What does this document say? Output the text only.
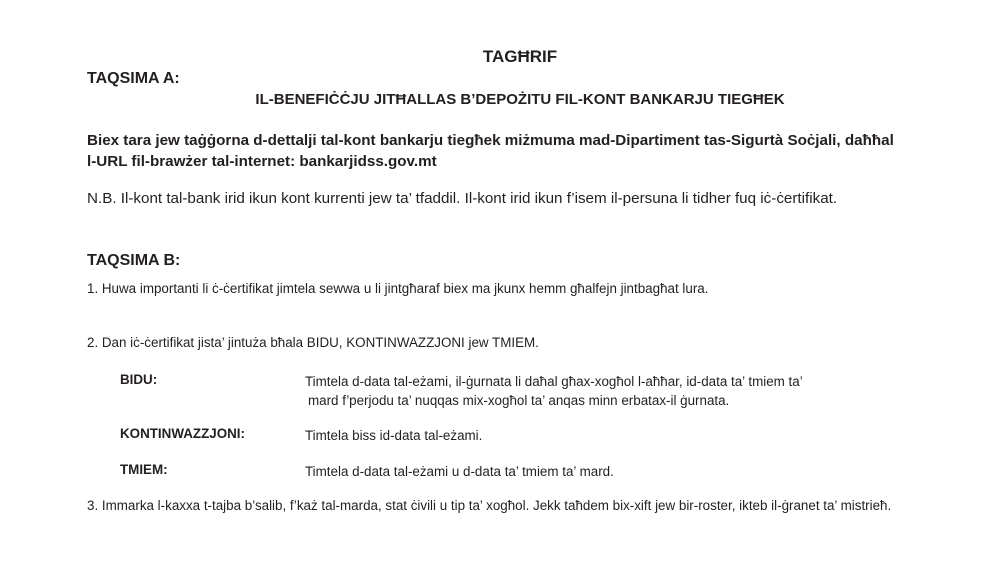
TAGĦRIF
TAQSIMA A:
IL-BENEFIĊĊJU JITĦALLAS B’DEPOŻITU FIL-KONT BANKARJU TIEGĦEK
Biex tara jew taġġorna d-dettalji tal-kont bankarju tiegħek miżmuma mad-Dipartiment tas-Sigurtà Soċjali, daħħal
l-URL fil-brawżer tal-internet: bankarjidss.gov.mt
N.B. Il-kont tal-bank irid ikun kont kurrenti jew ta’ tfaddil. Il-kont irid ikun f’isem il-persuna li tidher fuq iċ-ċertifikat.
TAQSIMA B:
1. Huwa importanti li ċ-ċertifikat jimtela sewwa u li jintgħaraf biex ma jkunx hemm għalfejn jintbagħat lura.
2. Dan iċ-ċertifikat jista’ jintuża bħala BIDU, KONTINWAZZJONI jew TMIEM.
BIDU:	Timtela d-data tal-eżami, il-ġurnata li daħal għax-xogħol l-aħħar, id-data ta’ tmiem ta’
mard f’perjodu ta’ nuqqas mix-xogħol ta’ anqas minn erbatax-il ġurnata.
KONTINWAZZJONI:	Timtela biss id-data tal-eżami.
TMIEM:	Timtela d-data tal-eżami u d-data ta’ tmiem ta’ mard.
3. Immarka l-kaxxa t-tajba b’salib, f’każ tal-marda, stat ċivili u tip ta’ xogħol. Jekk taħdem bix-xift jew bir-roster, ikteb il-ġranet ta’ mistrieħ.
